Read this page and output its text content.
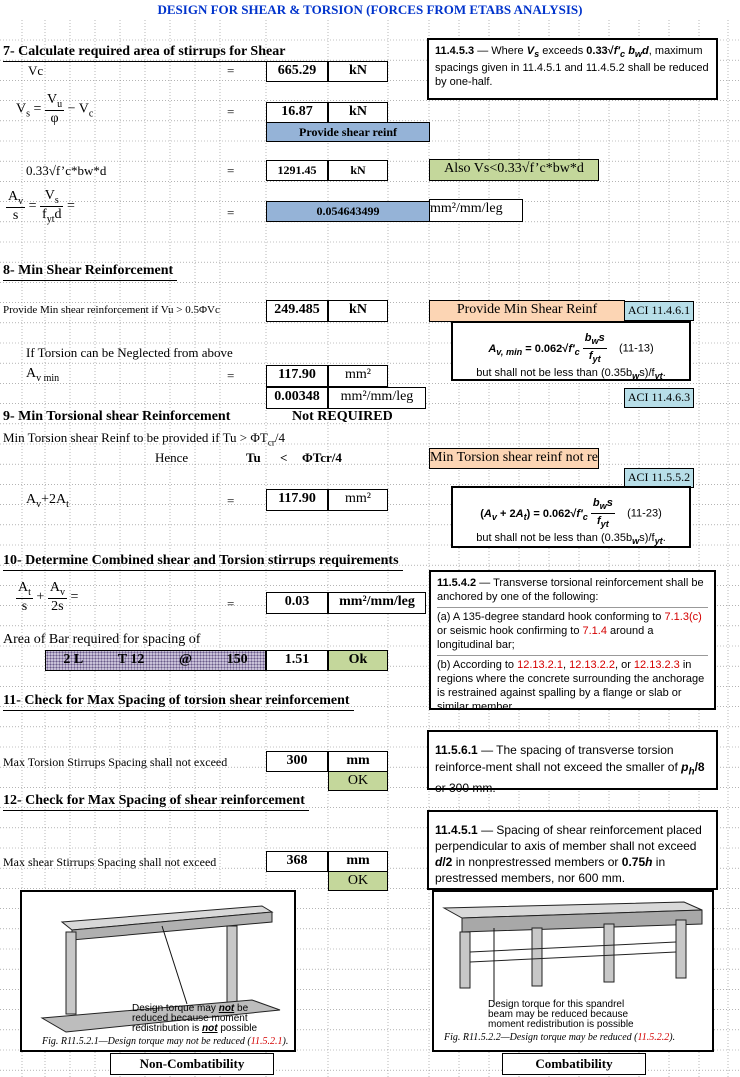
DESIGN FOR SHEAR & TORSION (FORCES FROM ETABS ANALYSIS)
7- Calculate required area of stirrups for Shear
Vc	=	665.29	kN
$V_s = \frac{V_u}{\varphi} - V_c$	=	16.87	kN
Provide shear reinf
0.33√f’c*bw*d	=	1291.45	kN	Also Vs<0.33√f’c*bw*d
$\frac{A_v}{s} = \frac{V_s}{f_{yt}d}$ =	=	0.054643499	mm²/mm/leg
11.4.5.3 — Where $V_s$ exceeds $0.33√f'_c$ $b_wd$, maximum spacings given in 11.4.5.1 and 11.4.5.2 shall be reduced by one-half.
8- Min Shear Reinforcement
Provide Min shear reinforcement if Vu > 0.5ΦVc	249.485	kN	Provide Min Shear Reinf	ACI 11.4.6.1
If Torsion can be Neglected from above
$A_{v min}$	=	117.90	mm²
0.00348	mm²/mm/leg	ACI 11.4.6.3
$A_{v, min} = 0.062√f'_c \frac{b_ws}{f_{yt}} (11-13)$
but shall not be less than $(0.35b_ws)/f_{yt}$.
9- Min Torsional shear Reinforcement	Not REQUIRED
Min Torsion shear Reinf to be provided if $Tu > \Phi T_{cr}/4$
Hence	Tu < ΦTcr/4	Min Torsion shear reinf not re
ACI 11.5.5.2
$A_v+2A_t$	=	117.90	mm²
$(A_v + 2A_t) = 0.062√f'_c \frac{b_ws}{f_{yt}} (11-23)$
but shall not be less than $(0.35b_ws)/f_{yt}$.
10- Determine Combined shear and Torsion stirrups requirements
$\frac{A_t}{s} + \frac{A_v}{2s}$ =	=	0.03	mm²/mm/leg
Area of Bar required for spacing of
2 L T 12 @ 150	1.51	Ok
11.5.4.2 — Transverse torsional reinforcement shall be anchored by one of the following:
(a) A 135-degree standard hook conforming to 7.1.3(c) or seismic hook confirming to 7.1.4 around a longitudinal bar;
(b) According to 12.13.2.1, 12.13.2.2, or 12.13.2.3 in regions where the concrete surrounding the anchorage is restrained against spalling by a flange or slab or similar member.
11- Check for Max Spacing of torsion shear reinforcement
Max Torsion Stirrups Spacing shall not exceed	300	mm
OK
11.5.6.1 — The spacing of transverse torsion reinforce-ment shall not exceed the smaller of $p_h/8$ or 300 mm.
12- Check for Max Spacing of shear reinforcement
Max shear Stirrups Spacing shall not exceed	368	mm
OK
11.4.5.1 — Spacing of shear reinforcement placed perpendicular to axis of member shall not exceed d/2 in nonprestressed members or 0.75h in prestressed members, nor 600 mm.
Design torque may not be reduced because moment redistribution is not possible
Fig. R11.5.2.1—Design torque may not be reduced (11.5.2.1).
Non-Combatibility
Design torque for this spandrel beam may be reduced because moment redistribution is possible
Fig. R11.5.2.2—Design torque may be reduced (11.5.2.2).
Combatibility
